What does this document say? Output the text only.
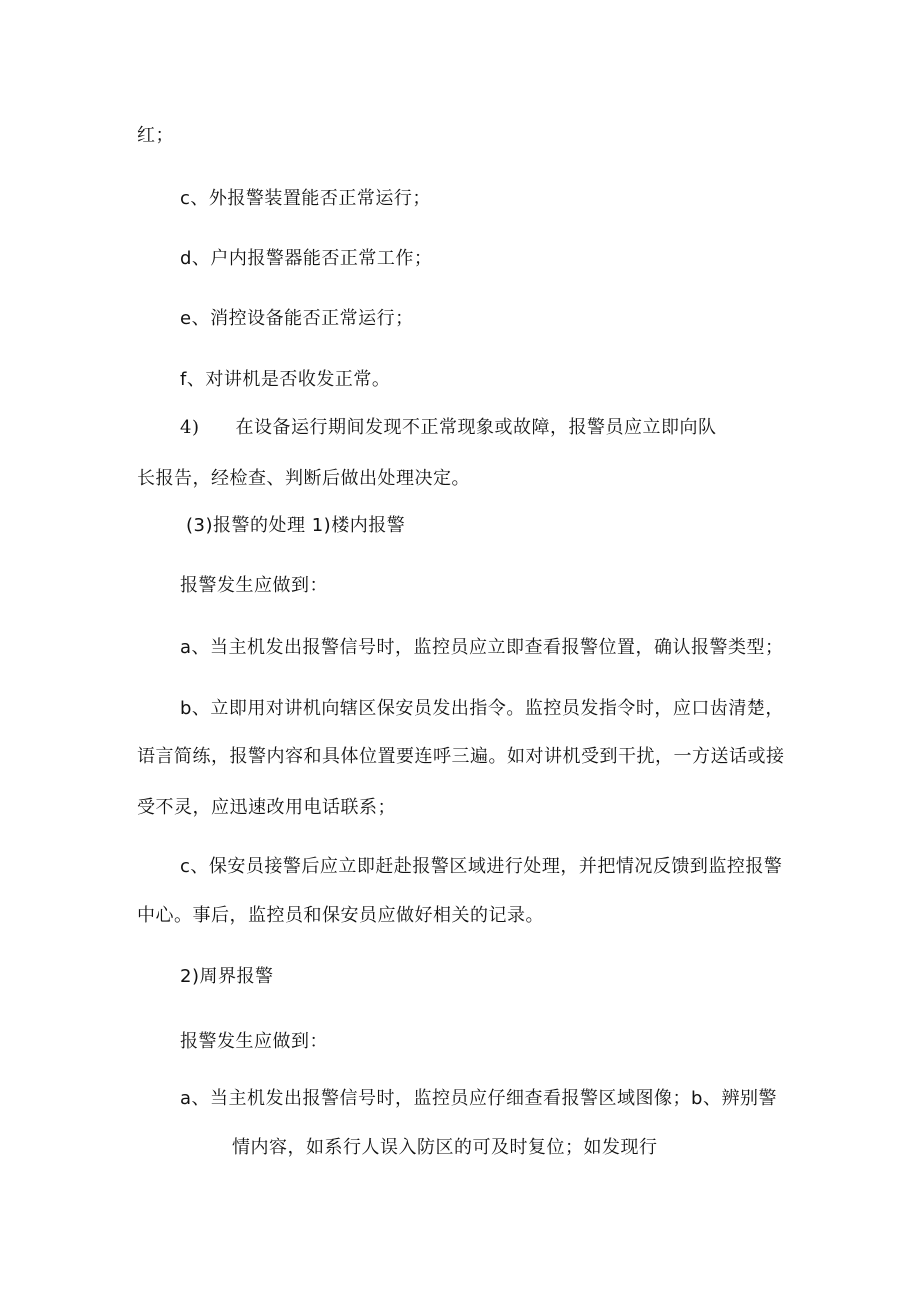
红；
c、外报警装置能否正常运行；
d、户内报警器能否正常工作；
e、消控设备能否正常运行；
f、对讲机是否收发正常。
4) 在设备运行期间发现不正常现象或故障，报警员应立即向队
长报告，经检查、判断后做出处理决定。
(3)报警的处理 1)楼内报警
报警发生应做到：
a、当主机发出报警信号时，监控员应立即查看报警位置，确认报警类型；
b、立即用对讲机向辖区保安员发出指令。监控员发指令时，应口齿清楚，
语言简练，报警内容和具体位置要连呼三遍。如对讲机受到干扰，一方送话或接
受不灵，应迅速改用电话联系；
c、保安员接警后应立即赶赴报警区域进行处理，并把情况反馈到监控报警
中心。事后，监控员和保安员应做好相关的记录。
2)周界报警
报警发生应做到：
a、当主机发出报警信号时，监控员应仔细查看报警区域图像；b、辨别警
情内容，如系行人误入防区的可及时复位；如发现行
